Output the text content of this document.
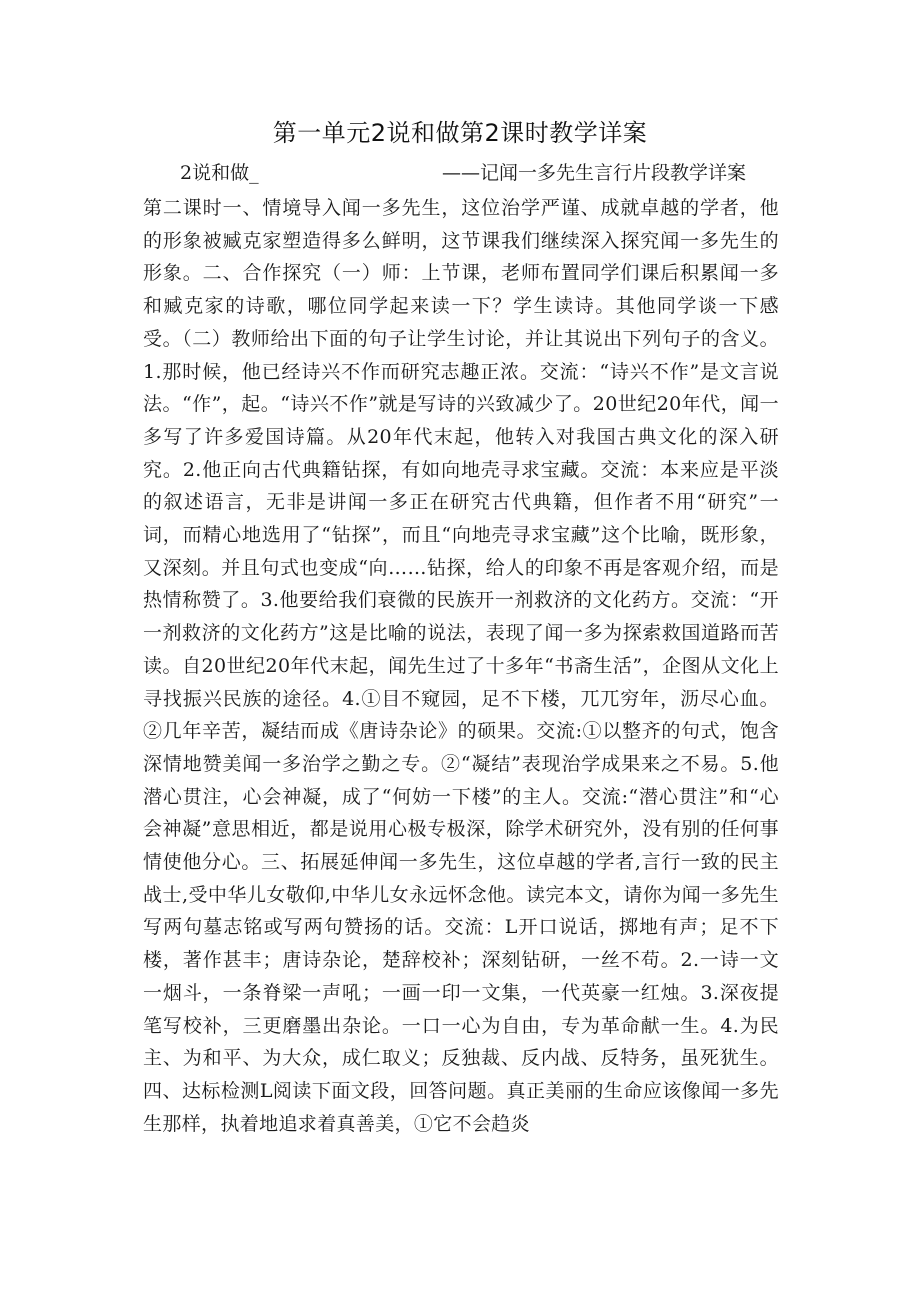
第一单元2说和做第2课时教学详案

2说和做_

	——记闻一多先生言行片段教学详案

第二课时一、情境导入闻一多先生，这位治学严谨、成就卓越的学者，他的形象被臧克家塑造得多么鲜明，这节课我们继续深入探究闻一多先生的形象。二、合作探究（一）师：上节课，老师布置同学们课后积累闻一多和臧克家的诗歌，哪位同学起来读一下？学生读诗。其他同学谈一下感受。（二）教师给出下面的句子让学生讨论，并让其说出下列句子的含义。1.那时候，他已经诗兴不作而研究志趣正浓。交流：“诗兴不作”是文言说法。“作”，起。“诗兴不作”就是写诗的兴致减少了。20世纪20年代，闻一多写了许多爱国诗篇。从20年代末起，他转入对我国古典文化的深入研究。2.他正向古代典籍钻探，有如向地壳寻求宝藏。交流：本来应是平淡的叙述语言，无非是讲闻一多正在研究古代典籍，但作者不用“研究”一词，而精心地选用了“钻探”，而且“向地壳寻求宝藏”这个比喻，既形象，又深刻。并且句式也变成“向……钻探，给人的印象不再是客观介绍，而是热情称赞了。3.他要给我们衰微的民族开一剂救济的文化药方。交流：“开一剂救济的文化药方”这是比喻的说法，表现了闻一多为探索救国道路而苦读。自20世纪20年代末起，闻先生过了十多年“书斋生活”，企图从文化上寻找振兴民族的途径。4.①目不窥园，足不下楼，兀兀穷年，沥尽心血。②几年辛苦，凝结而成《唐诗杂论》的硕果。交流:①以整齐的句式，饱含深情地赞美闻一多治学之勤之专。②“凝结”表现治学成果来之不易。5.他潜心贯注，心会神凝，成了“何妨一下楼”的主人。交流:“潜心贯注”和“心会神凝”意思相近，都是说用心极专极深，除学术研究外，没有别的任何事情使他分心。三、拓展延伸闻一多先生，这位卓越的学者,言行一致的民主战士,受中华儿女敬仰,中华儿女永远怀念他。读完本文，请你为闻一多先生写两句墓志铭或写两句赞扬的话。交流：L开口说话，掷地有声；足不下楼，著作甚丰；唐诗杂论，楚辞校补；深刻钻研，一丝不苟。2.一诗一文一烟斗，一条脊梁一声吼；一画一印一文集，一代英豪一红烛。3.深夜提笔写校补，三更磨墨出杂论。一口一心为自由，专为革命献一生。4.为民主、为和平、为大众，成仁取义；反独裁、反内战、反特务，虽死犹生。四、达标检测L阅读下面文段，回答问题。真正美丽的生命应该像闻一多先生那样，执着地追求着真善美，①它不会趋炎
